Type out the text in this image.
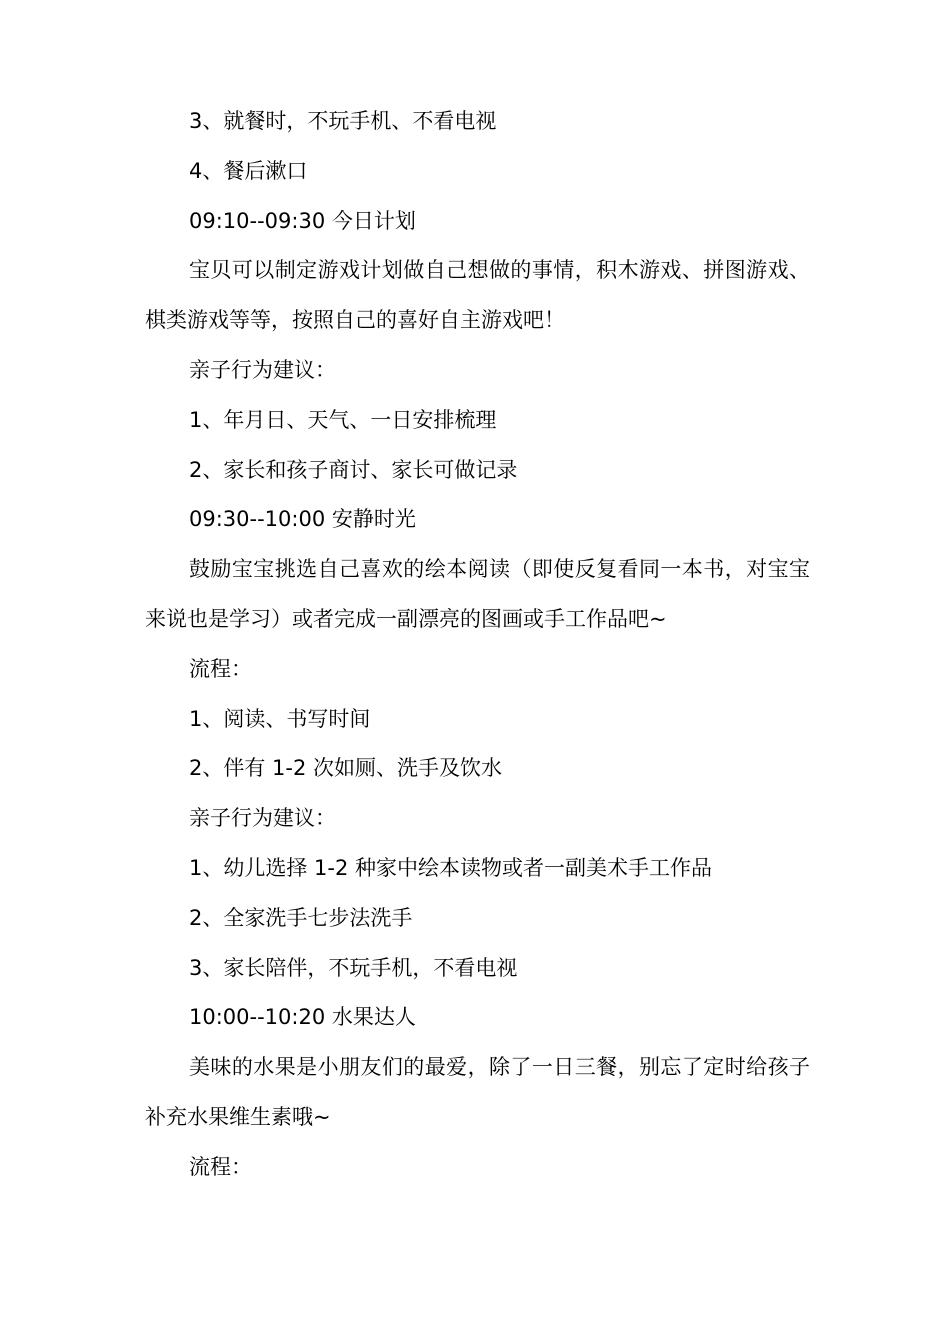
3、就餐时，不玩手机、不看电视

4、餐后漱口

09:10--09:30 今日计划

宝贝可以制定游戏计划做自己想做的事情，积木游戏、拼图游戏、棋类游戏等等，按照自己的喜好自主游戏吧！

亲子行为建议：

1、年月日、天气、一日安排梳理

2、家长和孩子商讨、家长可做记录

09:30--10:00 安静时光

鼓励宝宝挑选自己喜欢的绘本阅读（即使反复看同一本书，对宝宝来说也是学习）或者完成一副漂亮的图画或手工作品吧~

流程：

1、阅读、书写时间

2、伴有 1-2 次如厕、洗手及饮水

亲子行为建议：

1、幼儿选择 1-2 种家中绘本读物或者一副美术手工作品

2、全家洗手七步法洗手

3、家长陪伴，不玩手机，不看电视

10:00--10:20 水果达人

美味的水果是小朋友们的最爱，除了一日三餐，别忘了定时给孩子补充水果维生素哦~

流程：
